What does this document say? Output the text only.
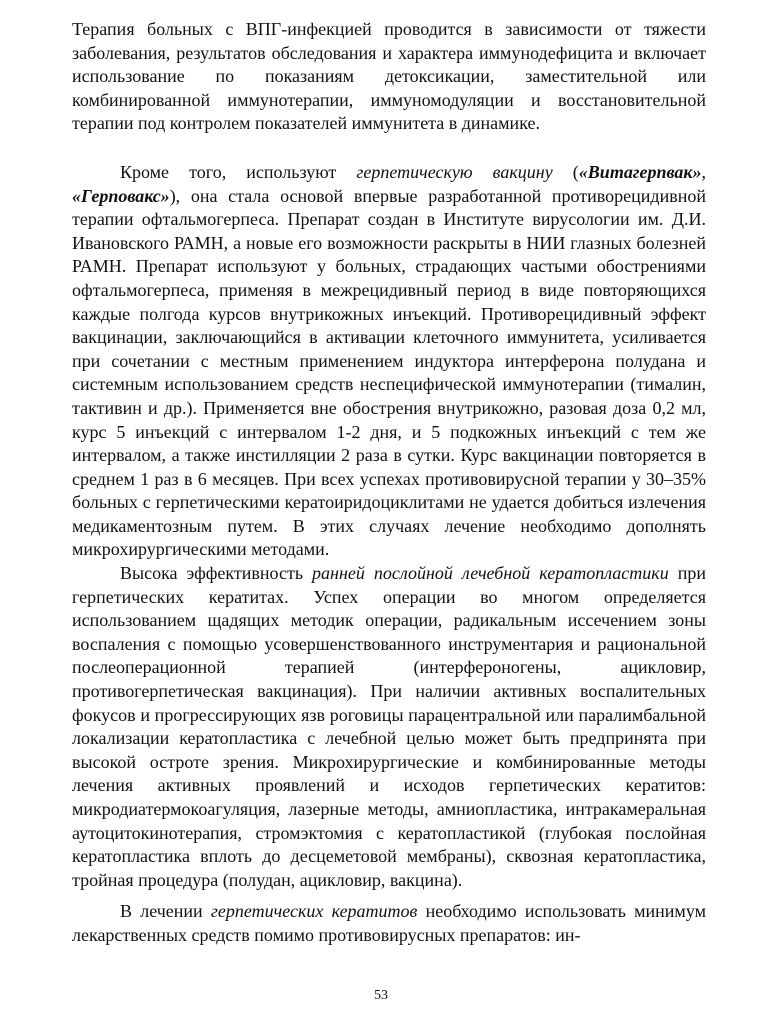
Терапия больных с ВПГ-инфекцией проводится в зависимости от тяжести заболевания, результатов обследования и характера иммунодефицита и включает использование по показаниям детоксикации, заместительной или комбинированной иммунотерапии, иммуномодуляции и восстановительной терапии под контролем показателей иммунитета в динамике.

Кроме того, используют герпетическую вакцину («Витагерпвак», «Герповакс»), она стала основой впервые разработанной противорецидивной терапии офтальмогерпеса. Препарат создан в Институте вирусологии им. Д.И. Ивановского РАМН, а новые его возможности раскрыты в НИИ глазных болезней РАМН. Препарат используют у больных, страдающих частыми обострениями офтальмогерпеса, применяя в межрецидивный период в виде повторяющихся каждые полгода курсов внутрикожных инъекций. Противорецидивный эффект вакцинации, заключающийся в активации клеточного иммунитета, усиливается при сочетании с местным применением индуктора интерферона полудана и системным использованием средств неспецифической иммунотерапии (тималин, тактивин и др.). Применяется вне обострения внутрикожно, разовая доза 0,2 мл, курс 5 инъекций с интервалом 1-2 дня, и 5 подкожных инъекций с тем же интервалом, а также инстилляции 2 раза в сутки. Курс вакцинации повторяется в среднем 1 раз в 6 месяцев. При всех успехах противовирусной терапии у 30–35% больных с герпетическими кератоиридоциклитами не удается добиться излечения медикаментозным путем. В этих случаях лечение необходимо дополнять микрохирургическими методами.

Высока эффективность ранней послойной лечебной кератопластики при герпетических кератитах. Успех операции во многом определяется использованием щадящих методик операции, радикальным иссечением зоны воспаления с помощью усовершенствованного инструментария и рациональной послеоперационной терапией (интерфероногены, ацикловир, противогерпетическая вакцинация). При наличии активных воспалительных фокусов и прогрессирующих язв роговицы парацентральной или паралимбальной локализации кератопластика с лечебной целью может быть предпринята при высокой остроте зрения. Микрохирургические и комбинированные методы лечения активных проявлений и исходов герпетических кератитов: микродиатермокоагуляция, лазерные методы, амниопластика, интракамеральная аутоцитокинотерапия, стромэктомия с кератопластикой (глубокая послойная кератопластика вплоть до десцеметовой мембраны), сквозная кератопластика, тройная процедура (полудан, ацикловир, вакцина).

В лечении герпетических кератитов необходимо использовать минимум лекарственных средств помимо противовирусных препаратов: ин-

53
